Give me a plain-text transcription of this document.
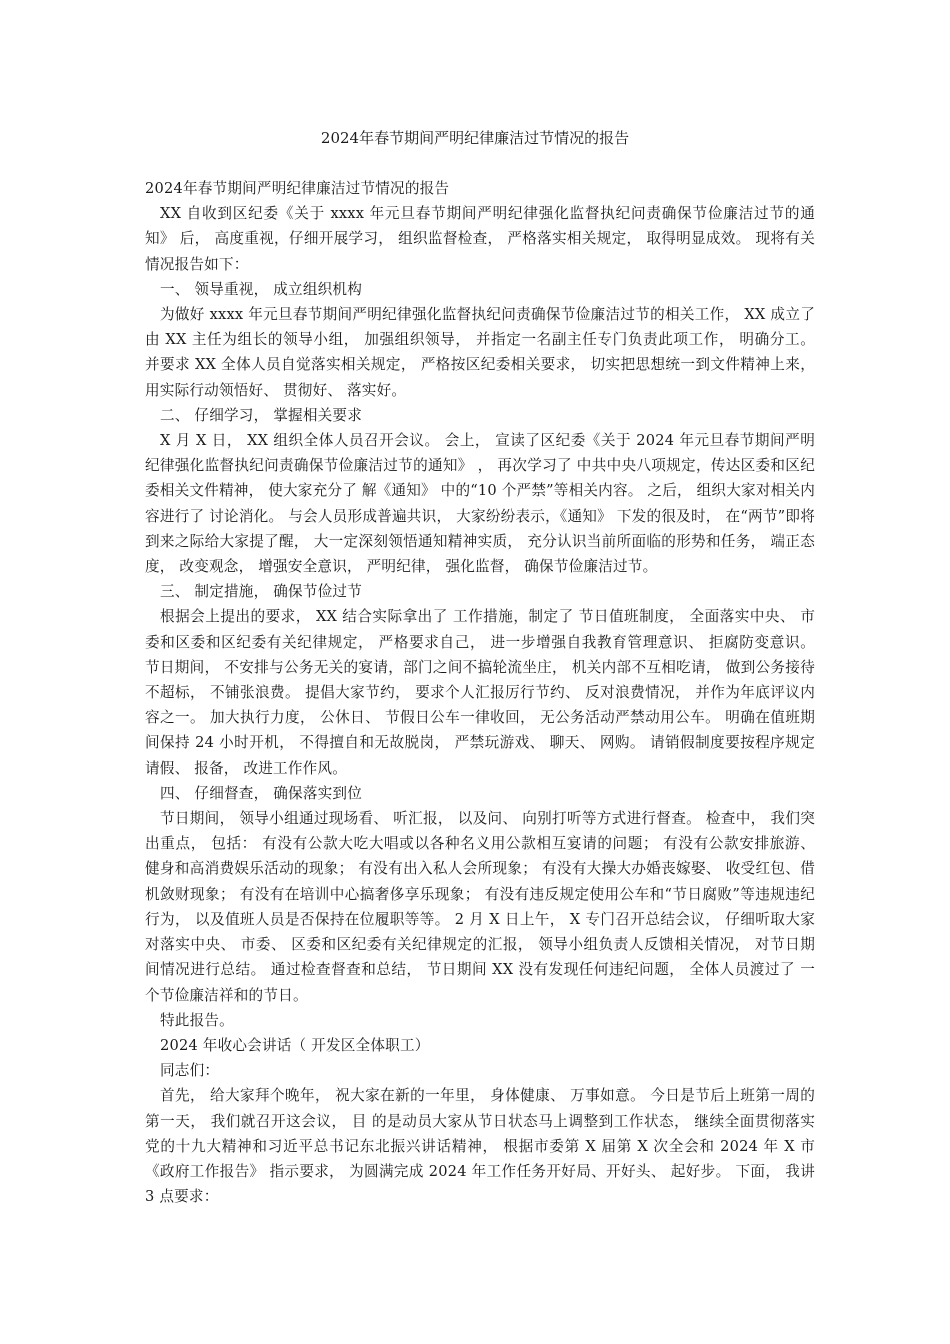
2024年春节期间严明纪律廉洁过节情况的报告

2024年春节期间严明纪律廉洁过节情况的报告

XX 自收到区纪委《关于 xxxx 年元旦春节期间严明纪律强化监督执纪问责确保节俭廉洁过节的通知》 后， 高度重视，仔细开展学习， 组织监督检查， 严格落实相关规定， 取得明显成效。 现将有关情况报告如下：

一、 领导重视， 成立组织机构

为做好 xxxx 年元旦春节期间严明纪律强化监督执纪问责确保节俭廉洁过节的相关工作， XX 成立了 由 XX 主任为组长的领导小组， 加强组织领导， 并指定一名副主任专门负责此项工作， 明确分工。 并要求 XX 全体人员自觉落实相关规定， 严格按区纪委相关要求， 切实把思想统一到文件精神上来， 用实际行动领悟好、 贯彻好、 落实好。

二、 仔细学习， 掌握相关要求

X 月 X 日， XX 组织全体人员召开会议。 会上， 宣读了区纪委《关于 2024 年元旦春节期间严明纪律强化监督执纪问责确保节俭廉洁过节的通知》 ， 再次学习了 中共中央八项规定，传达区委和区纪委相关文件精神， 使大家充分了 解《通知》 中的“10 个严禁”等相关内容。 之后， 组织大家对相关内容进行了 讨论消化。 与会人员形成普遍共识， 大家纷纷表示，《通知》 下发的很及时， 在“两节”即将到来之际给大家提了醒， 大一定深刻领悟通知精神实质， 充分认识当前所面临的形势和任务， 端正态度， 改变观念， 增强安全意识， 严明纪律， 强化监督， 确保节俭廉洁过节。

三、 制定措施， 确保节俭过节

根据会上提出的要求， XX 结合实际拿出了 工作措施，制定了 节日值班制度， 全面落实中央、 市委和区委和区纪委有关纪律规定， 严格要求自己， 进一步增强自我教育管理意识、 拒腐防变意识。 节日期间， 不安排与公务无关的宴请，部门之间不搞轮流坐庄， 机关内部不互相吃请， 做到公务接待不超标， 不铺张浪费。 提倡大家节约， 要求个人汇报厉行节约、 反对浪费情况， 并作为年底评议内容之一。 加大执行力度， 公休日、 节假日公车一律收回， 无公务活动严禁动用公车。 明确在值班期间保持 24 小时开机， 不得擅自和无故脱岗， 严禁玩游戏、 聊天、 网购。 请销假制度要按程序规定请假、 报备， 改进工作作风。

四、 仔细督查， 确保落实到位

节日期间， 领导小组通过现场看、 听汇报， 以及问、 向别打听等方式进行督查。 检查中， 我们突出重点， 包括： 有没有公款大吃大唱或以各种名义用公款相互宴请的问题； 有没有公款安排旅游、 健身和高消费娱乐活动的现象； 有没有出入私人会所现象； 有没有大操大办婚丧嫁娶、 收受红包、借机敛财现象； 有没有在培训中心搞奢侈享乐现象； 有没有违反规定使用公车和“节日腐败”等违规违纪行为， 以及值班人员是否保持在位履职等等。 2 月 X 日上午， X 专门召开总结会议， 仔细听取大家对落实中央、 市委、 区委和区纪委有关纪律规定的汇报， 领导小组负责人反馈相关情况， 对节日期间情况进行总结。 通过检查督查和总结， 节日期间 XX 没有发现任何违纪问题， 全体人员渡过了 一个节俭廉洁祥和的节日。

特此报告。

2024 年收心会讲话（ 开发区全体职工）

同志们：

首先， 给大家拜个晚年， 祝大家在新的一年里， 身体健康、 万事如意。 今日是节后上班第一周的第一天， 我们就召开这会议， 目 的是动员大家从节日状态马上调整到工作状态， 继续全面贯彻落实党的十九大精神和习近平总书记东北振兴讲话精神， 根据市委第 X 届第 X 次全会和 2024 年 X 市《政府工作报告》 指示要求， 为圆满完成 2024 年工作任务开好局、开好头、 起好步。 下面， 我讲 3 点要求：
